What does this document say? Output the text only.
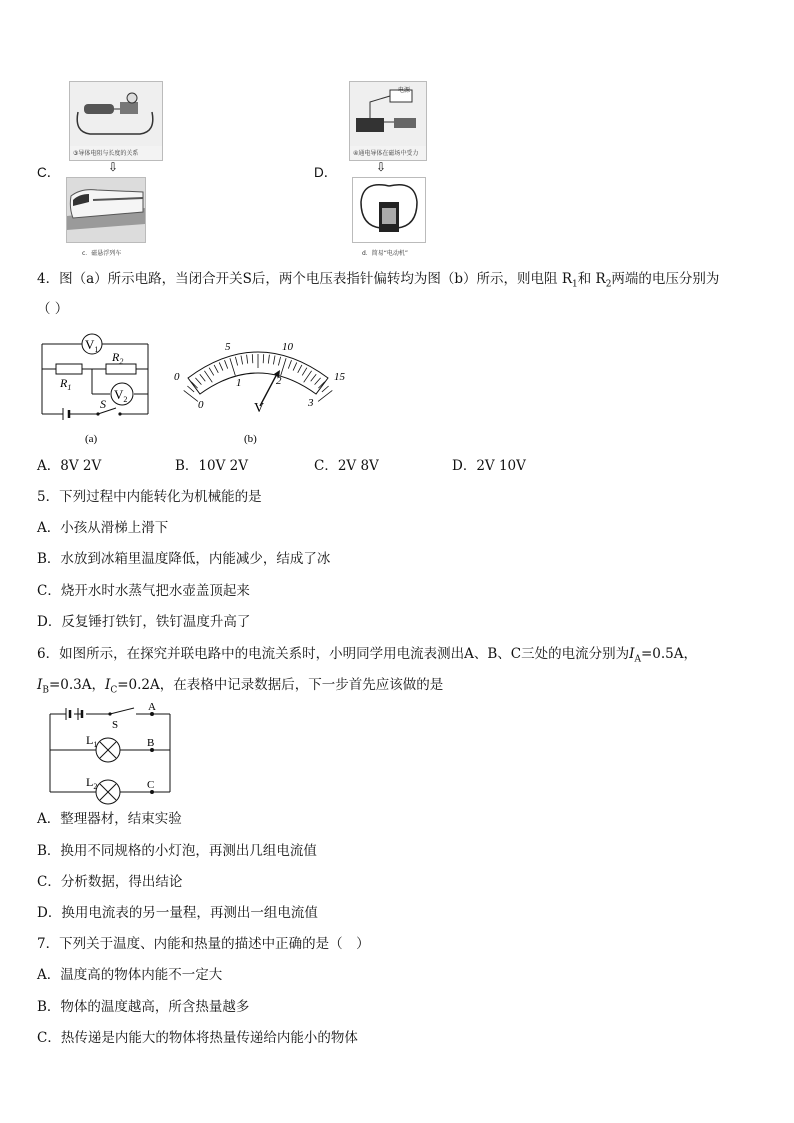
C．
③导体电阻与长度的关系
⇩
c．磁悬浮列车
D．
电源
④通电导体在磁场中受力
⇩
d．简易“电动机”
4．图（a）所示电路，当闭合开关S后，两个电压表指针偏转均为图（b）所示，则电阻 $R_1$和 $R_2$两端的电压分别为
（ ）
$V_1$
$V_2$
$R_2$
$R_1$
S
(a)
0
5	10
15
0
1	2
3
V
(b)
A．8V 2V	B．10V 2V	C．2V 8V	D．2V 10V
5．下列过程中内能转化为机械能的是
A．小孩从滑梯上滑下
B．水放到冰箱里温度降低，内能减少，结成了冰
C．烧开水时水蒸气把水壶盖顶起来
D．反复锤打铁钉，铁钉温度升高了
6．如图所示，在探究并联电路中的电流关系时，小明同学用电流表测出A、B、C三处的电流分别为$I_A=0.5A$，
$I_B=0.3A$，$I_C=0.2A$，在表格中记录数据后，下一步首先应该做的是
S
A
B
C
$L_1$
$L_2$
A．整理器材，结束实验
B．换用不同规格的小灯泡，再测出几组电流值
C．分析数据，得出结论
D．换用电流表的另一量程，再测出一组电流值
7．下列关于温度、内能和热量的描述中正确的是（　）
A．温度高的物体内能不一定大
B．物体的温度越高，所含热量越多
C．热传递是内能大的物体将热量传递给内能小的物体
